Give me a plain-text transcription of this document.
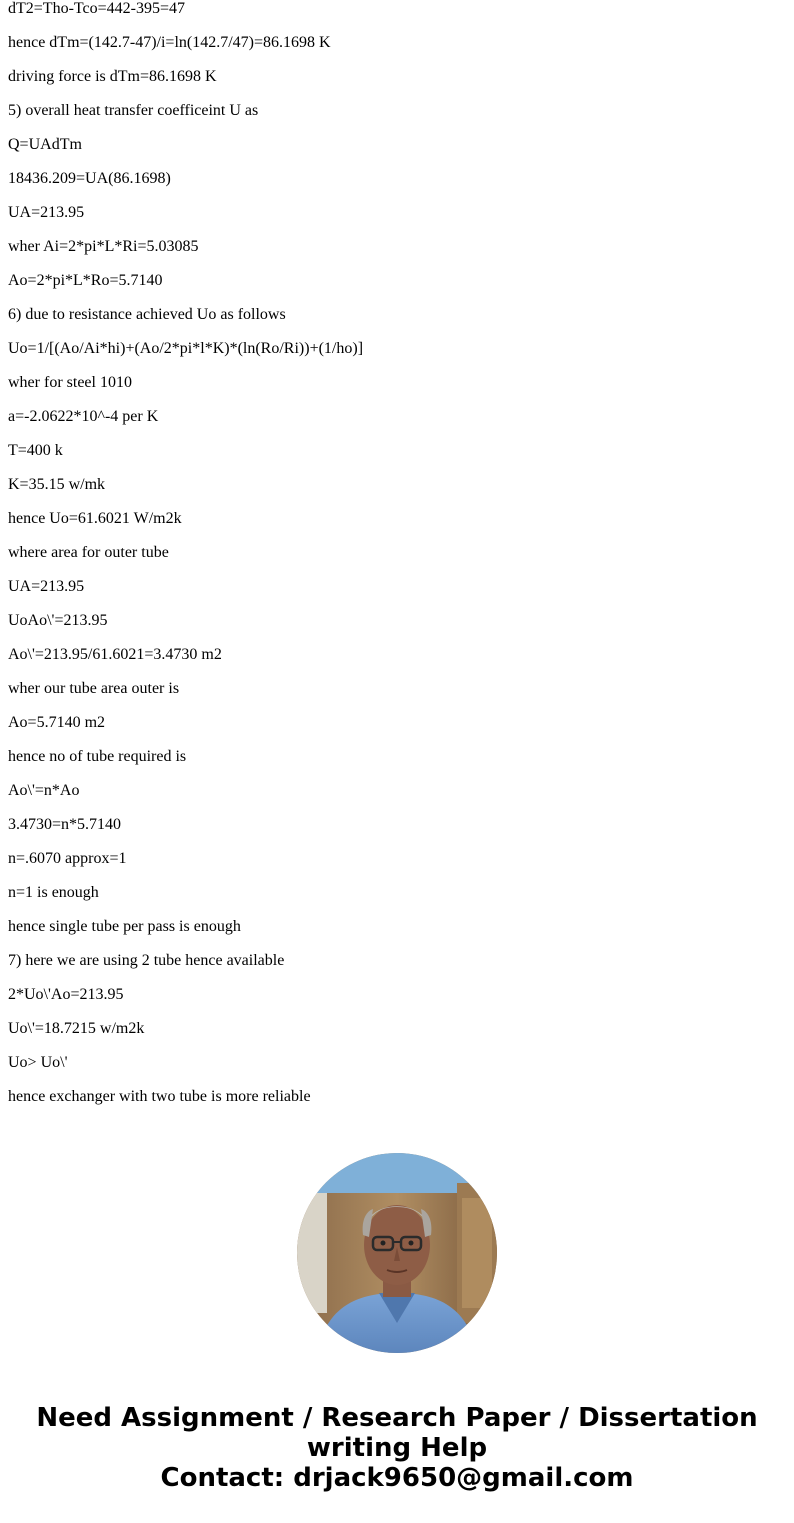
dT2=Tho-Tco=442-395=47

hence dTm=(142.7-47)/i=ln(142.7/47)=86.1698 K

driving force is dTm=86.1698 K

5) overall heat transfer coefficeint U as

Q=UAdTm

18436.209=UA(86.1698)

UA=213.95

wher Ai=2*pi*L*Ri=5.03085

Ao=2*pi*L*Ro=5.7140

6) due to resistance achieved Uo as follows

Uo=1/[(Ao/Ai*hi)+(Ao/2*pi*l*K)*(ln(Ro/Ri))+(1/ho)]

wher for steel 1010

a=-2.0622*10^-4 per K

T=400 k

K=35.15 w/mk

hence Uo=61.6021 W/m2k

where area for outer tube

UA=213.95

UoAo\'=213.95

Ao\'=213.95/61.6021=3.4730 m2

wher our tube area outer is

Ao=5.7140 m2

hence no of tube required is

Ao\'=n*Ao

3.4730=n*5.7140

n=.6070 approx=1

n=1 is enough

hence single tube per pass is enough

7) here we are using 2 tube hence available

2*Uo\'Ao=213.95

Uo\'=18.7215 w/m2k

Uo> Uo\'

hence exchanger with two tube is more reliable

Need Assignment / Research Paper / Dissertation
writing Help
Contact: drjack9650@gmail.com
